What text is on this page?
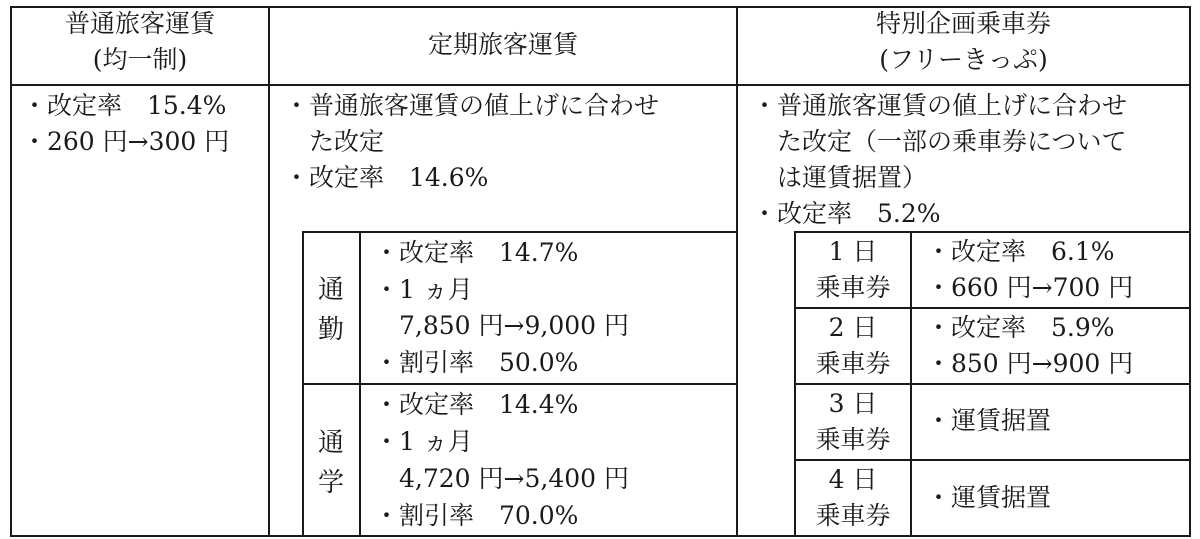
普通旅客運賃
(均一制)
定期旅客運賃
特別企画乗車券
(フリーきっぷ)
・改定率　15.4%
・260 円→300 円
・普通旅客運賃の値上げに合わせ
　た改定
・改定率　14.6%
通
勤
・改定率　14.7%
・1 ヵ月
　7,850 円→9,000 円
・割引率　50.0%
通
学
・改定率　14.4%
・1 ヵ月
　4,720 円→5,400 円
・割引率　70.0%
・普通旅客運賃の値上げに合わせ
　た改定（一部の乗車券について
　は運賃据置）
・改定率　5.2%
1 日
乗車券
・改定率　6.1%
・660 円→700 円
2 日
乗車券
・改定率　5.9%
・850 円→900 円
3 日
乗車券
・運賃据置
4 日
乗車券
・運賃据置
